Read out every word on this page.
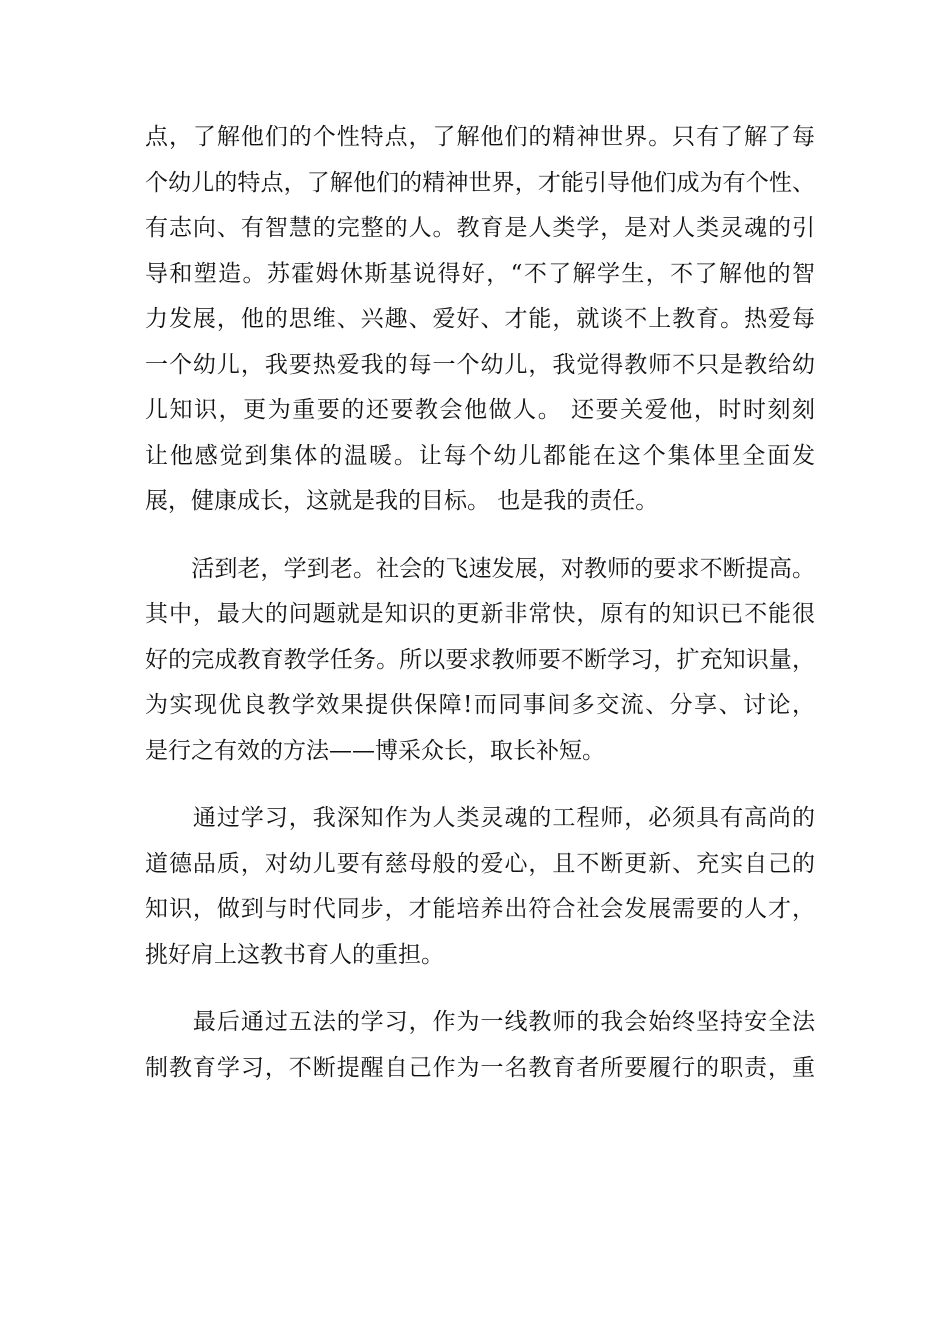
点，了解他们的个性特点，了解他们的精神世界。只有了解了每
个幼儿的特点，了解他们的精神世界，才能引导他们成为有个性、
有志向、有智慧的完整的人。教育是人类学，是对人类灵魂的引
导和塑造。苏霍姆休斯基说得好，“不了解学生，不了解他的智
力发展，他的思维、兴趣、爱好、才能，就谈不上教育。热爱每
一个幼儿，我要热爱我的每一个幼儿，我觉得教师不只是教给幼
儿知识，更为重要的还要教会他做人。 还要关爱他，时时刻刻
让他感觉到集体的温暖。让每个幼儿都能在这个集体里全面发
展，健康成长，这就是我的目标。 也是我的责任。
　　活到老，学到老。社会的飞速发展，对教师的要求不断提高。
其中，最大的问题就是知识的更新非常快，原有的知识已不能很
好的完成教育教学任务。所以要求教师要不断学习，扩充知识量，
为实现优良教学效果提供保障!而同事间多交流、分享、讨论，
是行之有效的方法——博采众长，取长补短。
　　通过学习，我深知作为人类灵魂的工程师，必须具有高尚的
道德品质，对幼儿要有慈母般的爱心，且不断更新、充实自己的
知识，做到与时代同步，才能培养出符合社会发展需要的人才，
挑好肩上这教书育人的重担。
　　最后通过五法的学习，作为一线教师的我会始终坚持安全法
制教育学习，不断提醒自己作为一名教育者所要履行的职责，重
